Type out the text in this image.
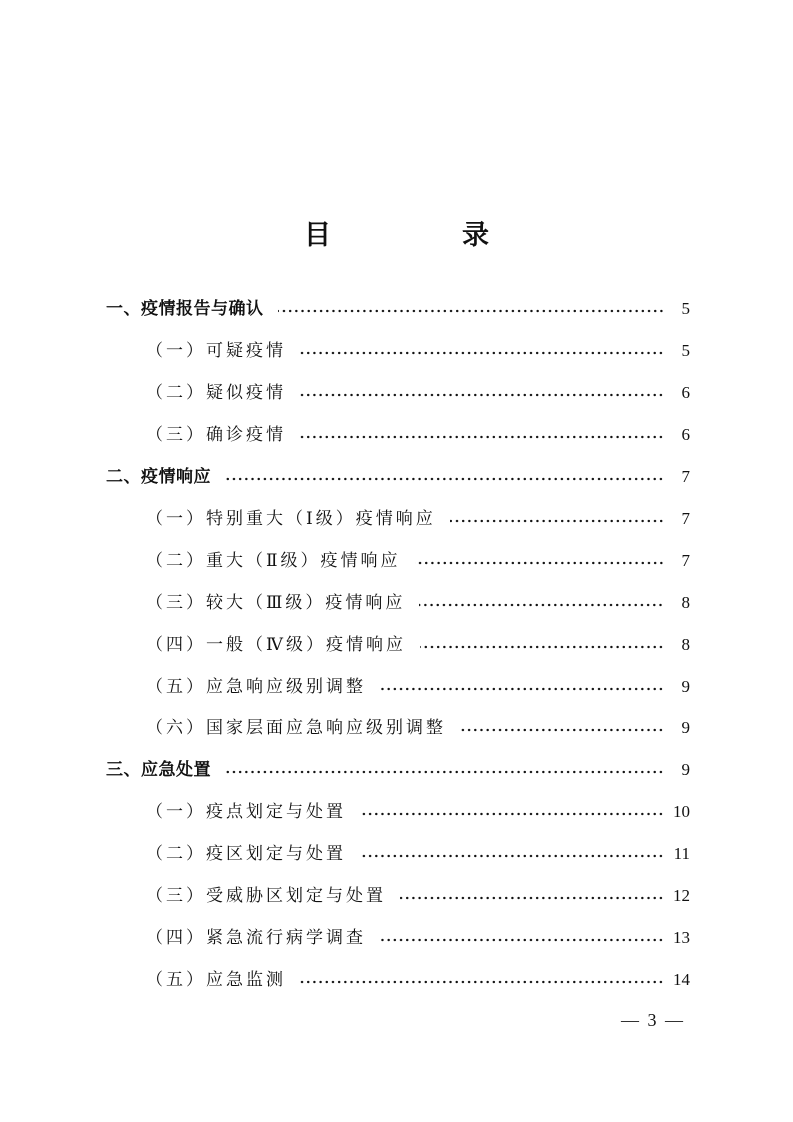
目　录
一、疫情报告与确认	5
（一）可疑疫情	5
（二）疑似疫情	6
（三）确诊疫情	6
二、疫情响应	7
（一）特别重大（Ⅰ级）疫情响应	7
（二）重大（Ⅱ级）疫情响应	7
（三）较大（Ⅲ级）疫情响应	8
（四）一般（Ⅳ级）疫情响应	8
（五）应急响应级别调整	9
（六）国家层面应急响应级别调整	9
三、应急处置	9
（一）疫点划定与处置	10
（二）疫区划定与处置	11
（三）受威胁区划定与处置	12
（四）紧急流行病学调查	13
（五）应急监测	14
— 3 —
